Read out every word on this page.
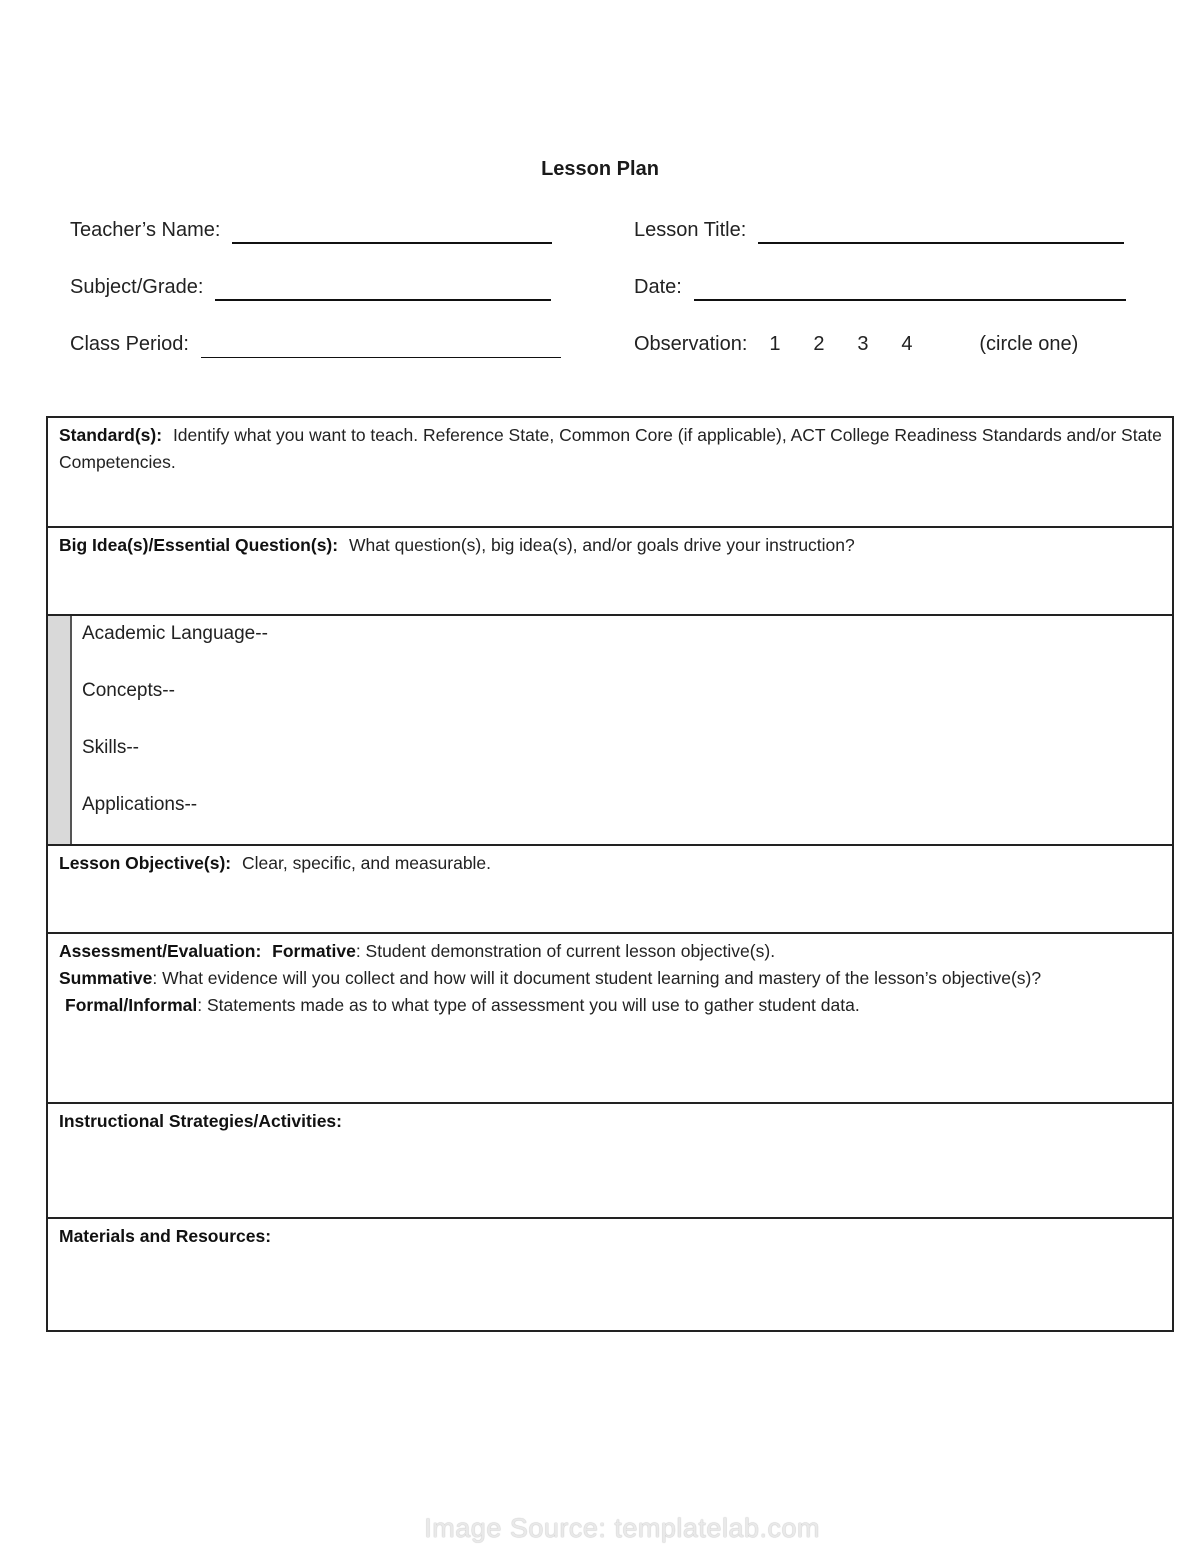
Lesson Plan
Teacher’s Name:
Subject/Grade:
Class Period:
Lesson Title:
Date:
Observation: 1	2	3	4	(circle one)
Standard(s): Identify what you want to teach. Reference State, Common Core (if applicable), ACT College Readiness Standards and/or State Competencies.
Big Idea(s)/Essential Question(s): What question(s), big idea(s), and/or goals drive your instruction?
Academic Language--
Concepts--
Skills--
Applications--
Lesson Objective(s): Clear, specific, and measurable.
Assessment/Evaluation: Formative: Student demonstration of current lesson objective(s).
Summative: What evidence will you collect and how will it document student learning and mastery of the lesson’s objective(s)? Formal/Informal: Statements made as to what type of assessment you will use to gather student data.
Instructional Strategies/Activities:
Materials and Resources:
Image Source: templatelab.com
